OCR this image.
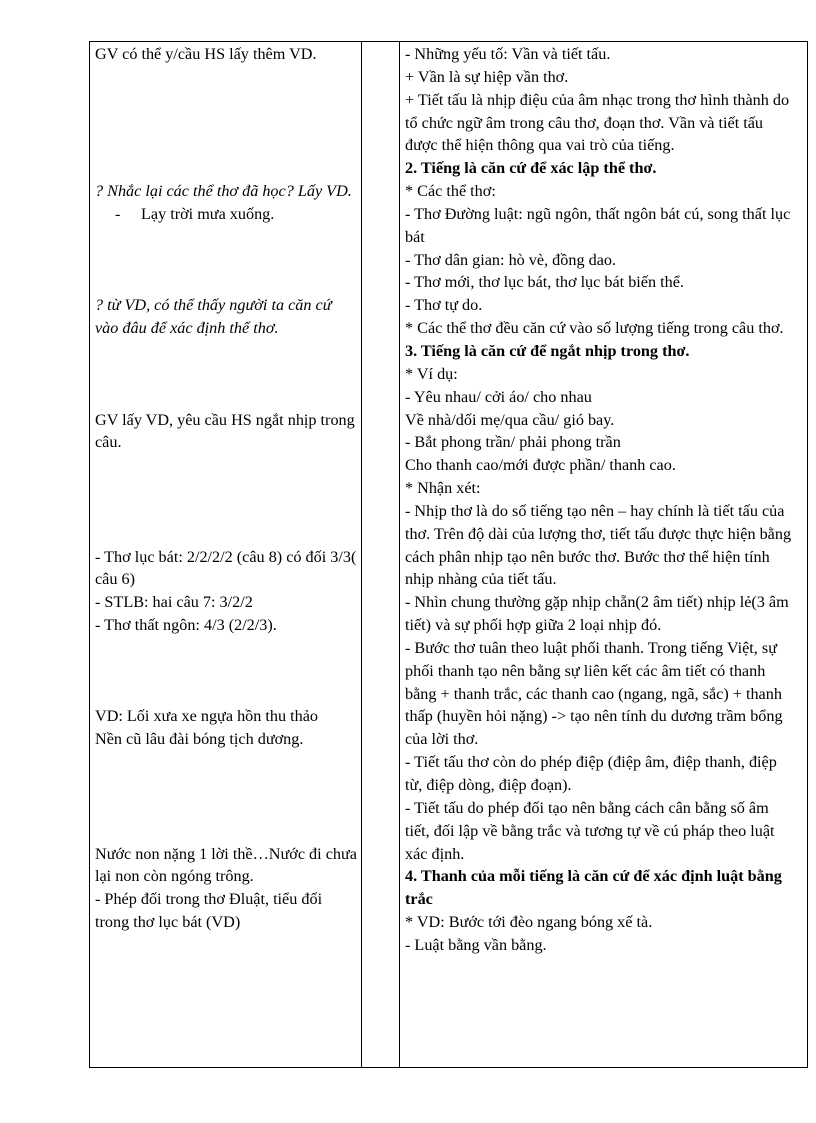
GV có thể y/cầu HS lấy thêm VD.

? Nhắc lại các thể thơ đã học? Lấy VD.

- Lạy trời mưa xuống.

? từ VD, có thể thấy người ta căn cứ vào đâu để xác định thể thơ.

GV lấy VD, yêu cầu HS ngắt nhịp trong câu.

- Thơ lục bát: 2/2/2/2 (câu 8) có đối 3/3( câu 6)

- STLB: hai câu 7: 3/2/2

- Thơ thất ngôn: 4/3 (2/2/3).

VD: Lối xưa xe ngựa hồn thu thảo

Nền cũ lâu đài bóng tịch dương.

Nước non nặng 1 lời thề…Nước đi chưa lại non còn ngóng trông.

- Phép đối trong thơ Đluật, tiểu đối trong thơ lục bát (VD)

- Những yếu tố: Vần và tiết tấu.

+ Vần là sự hiệp vần thơ.

+ Tiết tấu là nhịp điệu của âm nhạc trong thơ hình thành do tổ chức ngữ âm trong câu thơ, đoạn thơ. Vần và tiết tấu được thể hiện thông qua vai trò của tiếng.

2. Tiếng là căn cứ để xác lập thể thơ.

* Các thể thơ:

- Thơ Đường luật: ngũ ngôn, thất ngôn bát cú, song thất lục bát

- Thơ dân gian: hò vè, đồng dao.

- Thơ mới, thơ lục bát, thơ lục bát biến thể.

- Thơ tự do.

* Các thể thơ đều căn cứ vào số lượng tiếng trong câu thơ.

3. Tiếng là căn cứ để ngắt nhịp trong thơ.

* Ví dụ:

- Yêu nhau/ cởi áo/ cho nhau

Về nhà/dối mẹ/qua cầu/ gió bay.

- Bắt phong trần/ phải phong trần

Cho thanh cao/mới được phần/ thanh cao.

* Nhận xét:

- Nhịp thơ là do số tiếng tạo nên – hay chính là tiết tấu của thơ. Trên độ dài của lượng thơ, tiết tấu được thực hiện bằng cách phân nhịp tạo nên bước thơ. Bước thơ thể hiện tính nhịp nhàng của tiết tấu.

- Nhìn chung thường gặp nhịp chẵn(2 âm tiết) nhịp lẻ(3 âm tiết) và sự phối hợp giữa 2 loại nhịp đó.

- Bước thơ tuân theo luật phối thanh. Trong tiếng Việt, sự phối thanh tạo nên bằng sự liên kết các âm tiết có thanh bằng + thanh trắc, các thanh cao (ngang, ngã, sắc) + thanh thấp (huyền hỏi nặng) -> tạo nên tính du dương trầm bổng của lời thơ.

- Tiết tấu thơ còn do phép điệp (điệp âm, điệp thanh, điệp từ, điệp dòng, điệp đoạn).

- Tiết tấu do phép đối tạo nên bằng cách cân bằng số âm tiết, đối lập về bằng trắc và tương tự về cú pháp theo luật xác định.

4. Thanh của mỗi tiếng là căn cứ để xác định luật bằng trắc

* VD: Bước tới đèo ngang bóng xế tà.

- Luật bằng vần bằng.
